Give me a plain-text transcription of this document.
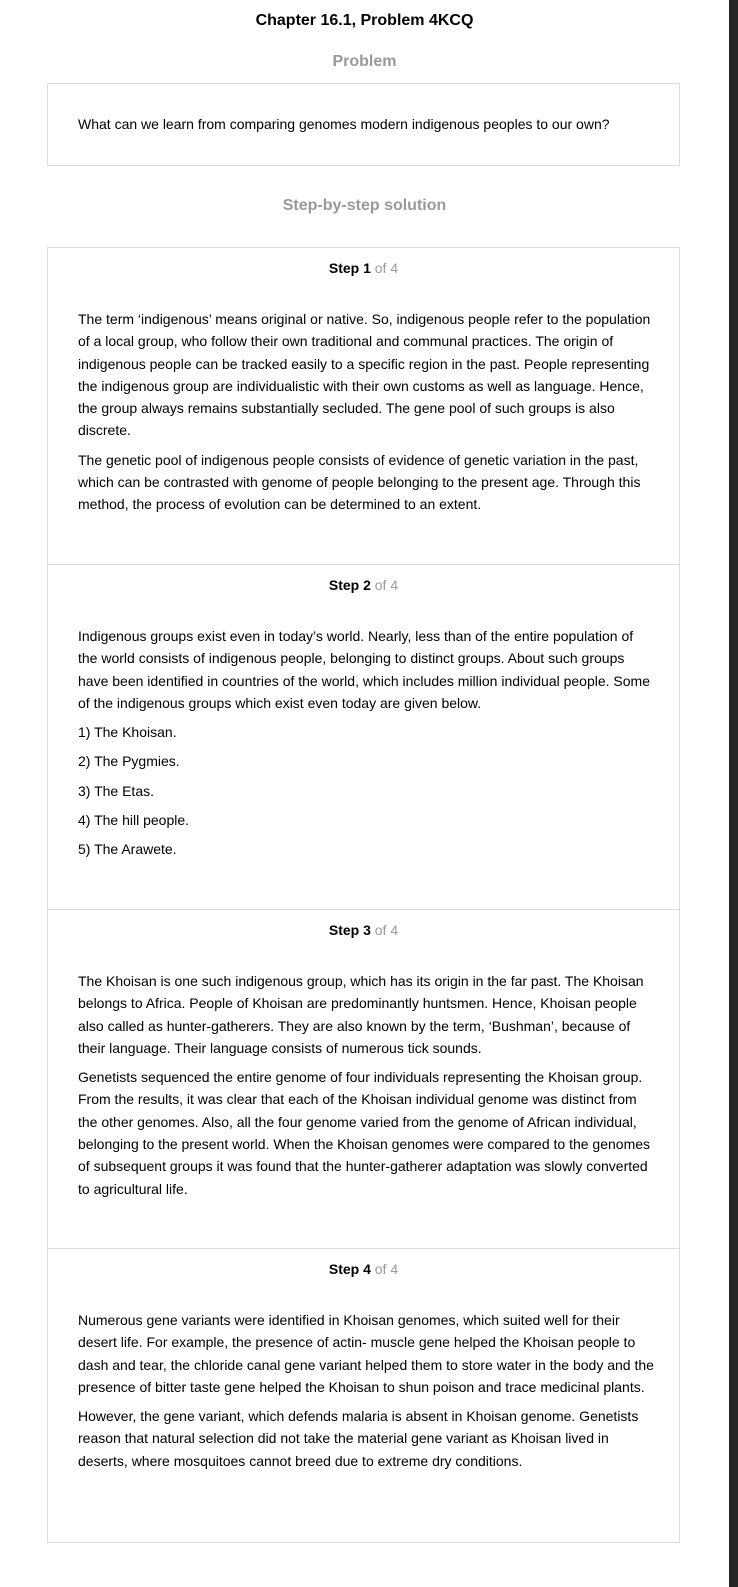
Chapter 16.1, Problem 4KCQ
Problem
What can we learn from comparing genomes modern indigenous peoples to our own?
Step-by-step solution
Step 1 of 4

The term ‘indigenous’ means original or native. So, indigenous people refer to the population of a local group, who follow their own traditional and communal practices. The origin of indigenous people can be tracked easily to a specific region in the past. People representing the indigenous group are individualistic with their own customs as well as language. Hence, the group always remains substantially secluded. The gene pool of such groups is also discrete.

The genetic pool of indigenous people consists of evidence of genetic variation in the past, which can be contrasted with genome of people belonging to the present age. Through this method, the process of evolution can be determined to an extent.

Step 2 of 4

Indigenous groups exist even in today’s world. Nearly, less than of the entire population of the world consists of indigenous people, belonging to distinct groups. About such groups have been identified in countries of the world, which includes million individual people. Some of the indigenous groups which exist even today are given below.

1) The Khoisan.
2) The Pygmies.
3) The Etas.
4) The hill people.
5) The Arawete.
Step 3 of 4

The Khoisan is one such indigenous group, which has its origin in the far past. The Khoisan belongs to Africa. People of Khoisan are predominantly huntsmen. Hence, Khoisan people also called as hunter-gatherers. They are also known by the term, ‘Bushman’, because of their language. Their language consists of numerous tick sounds.

Genetists sequenced the entire genome of four individuals representing the Khoisan group. From the results, it was clear that each of the Khoisan individual genome was distinct from the other genomes. Also, all the four genome varied from the genome of African individual, belonging to the present world. When the Khoisan genomes were compared to the genomes of subsequent groups it was found that the hunter-gatherer adaptation was slowly converted to agricultural life.

Step 4 of 4

Numerous gene variants were identified in Khoisan genomes, which suited well for their desert life. For example, the presence of actin- muscle gene helped the Khoisan people to dash and tear, the chloride canal gene variant helped them to store water in the body and the presence of bitter taste gene helped the Khoisan to shun poison and trace medicinal plants.

However, the gene variant, which defends malaria is absent in Khoisan genome. Genetists reason that natural selection did not take the material gene variant as Khoisan lived in deserts, where mosquitoes cannot breed due to extreme dry conditions.
